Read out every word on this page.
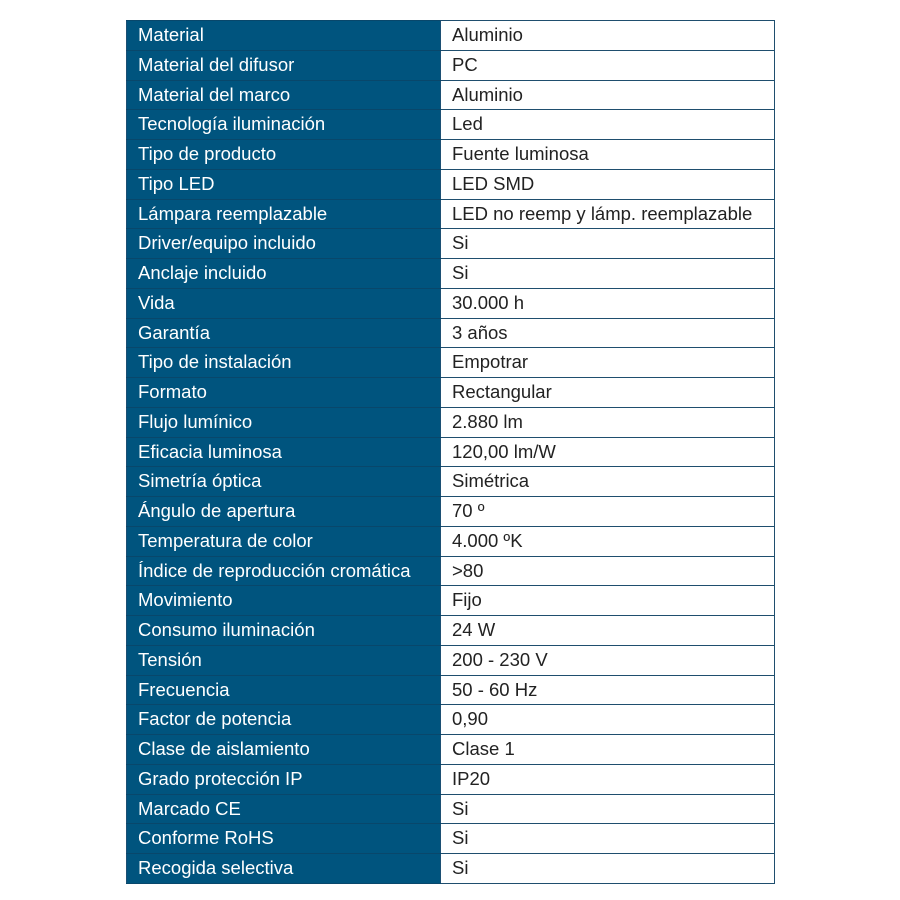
Material	Aluminio
Material del difusor	PC
Material del marco	Aluminio
Tecnología iluminación	Led
Tipo de producto	Fuente luminosa
Tipo LED	LED SMD
Lámpara reemplazable	LED no reemp y lámp. reemplazable
Driver/equipo incluido	Si
Anclaje incluido	Si
Vida	30.000 h
Garantía	3 años
Tipo de instalación	Empotrar
Formato	Rectangular
Flujo lumínico	2.880 lm
Eficacia luminosa	120,00 lm/W
Simetría óptica	Simétrica
Ángulo de apertura	70 º
Temperatura de color	4.000 ºK
Índice de reproducción cromática	>80
Movimiento	Fijo
Consumo iluminación	24 W
Tensión	200 - 230 V
Frecuencia	50 - 60 Hz
Factor de potencia	0,90
Clase de aislamiento	Clase 1
Grado protección IP	IP20
Marcado CE	Si
Conforme RoHS	Si
Recogida selectiva	Si
